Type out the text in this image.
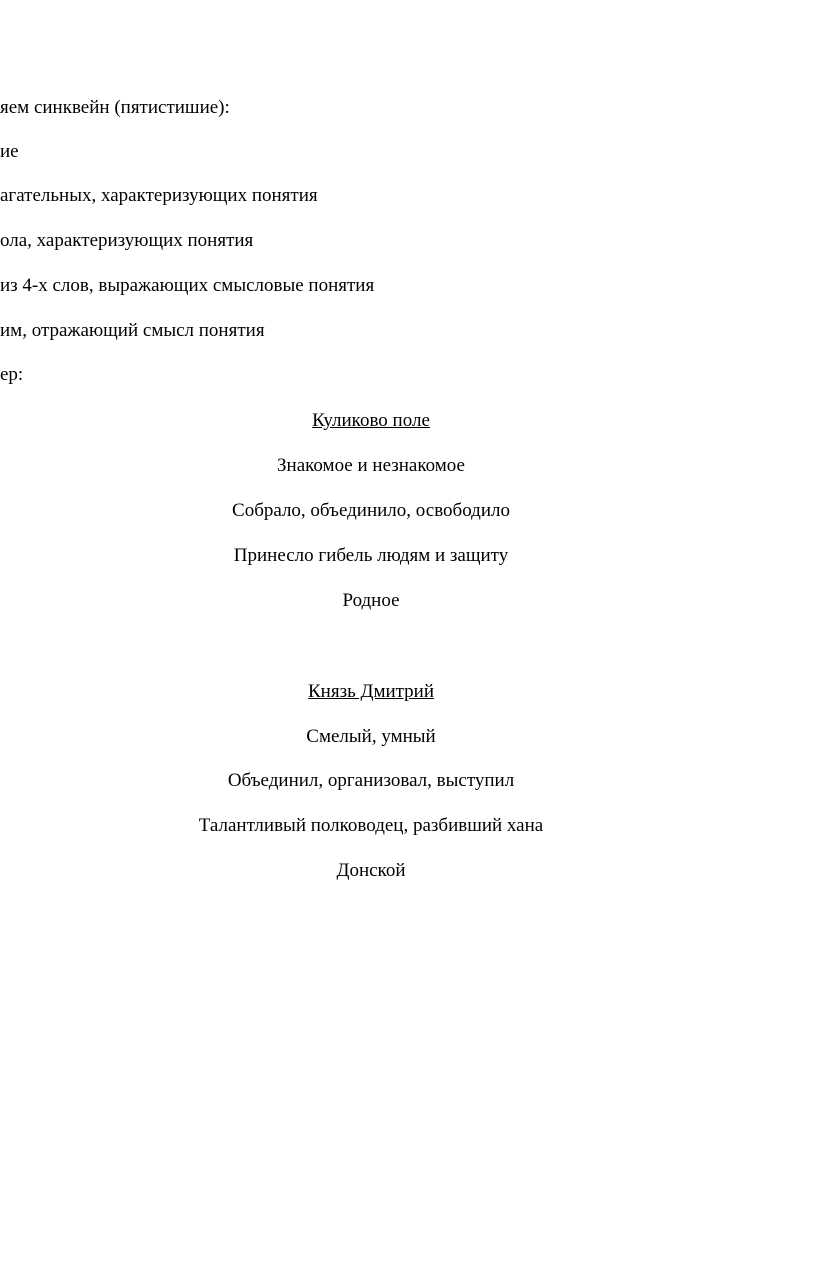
яем синквейн (пятистишие):
ие
агательных, характеризующих понятия
ола, характеризующих понятия
из 4-х слов, выражающих смысловые понятия
им, отражающий смысл понятия
ер:
Куликово поле
Знакомое и незнакомое
Собрало, объединило, освободило
Принесло гибель людям и защиту
Родное
Князь Дмитрий
Смелый, умный
Объединил, организовал, выступил
Талантливый полководец, разбивший хана
Донской
